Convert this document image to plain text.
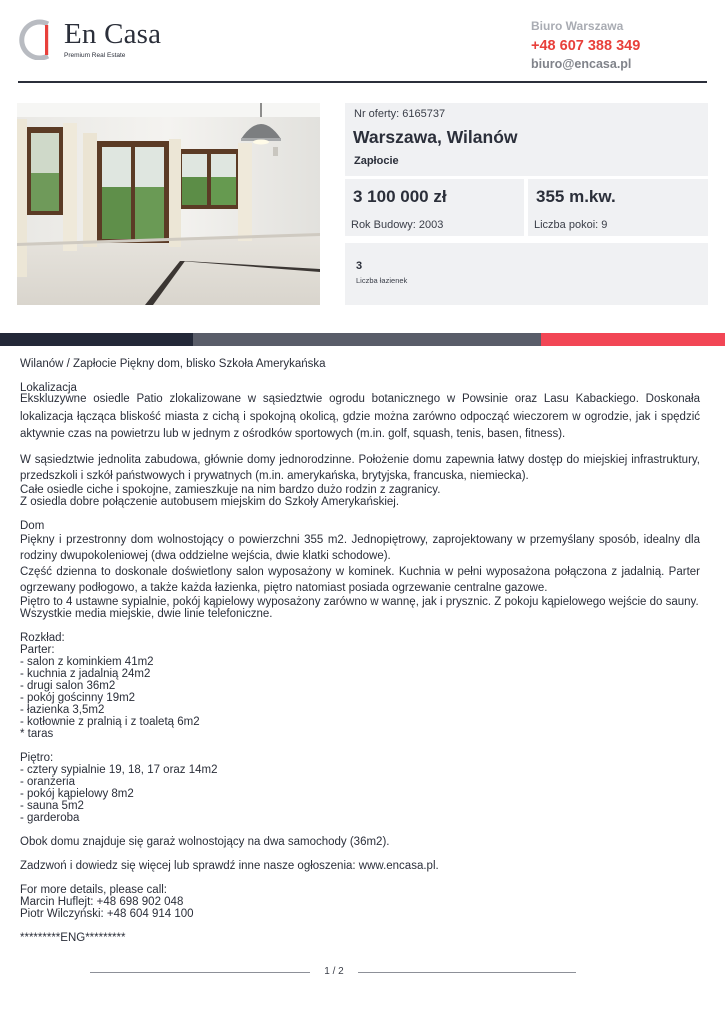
En Casa
Premium Real Estate
Biuro Warszawa
+48 607 388 349
biuro@encasa.pl
Nr oferty: 6165737
Warszawa, Wilanów
Zapłocie
3 100 000 zł
Rok Budowy: 2003
355 m.kw.
Liczba pokoi: 9
3
Liczba łazienek

Wilanów / Zapłocie Piękny dom, blisko Szkoła Amerykańska

Lokalizacja
Ekskluzywne osiedle Patio zlokalizowane w sąsiedztwie ogrodu botanicznego w Powsinie oraz Lasu Kabackiego. Doskonała lokalizacja łącząca bliskość miasta z cichą i spokojną okolicą, gdzie można zarówno odpocząć wieczorem w ogrodzie, jak i spędzić aktywnie czas na powietrzu lub w jednym z ośrodków sportowych (m.in. golf, squash, tenis, basen, fitness).
W sąsiedztwie jednolita zabudowa, głównie domy jednorodzinne. Położenie domu zapewnia łatwy dostęp do miejskiej infrastruktury, przedszkoli i szkół państwowych i prywatnych (m.in. amerykańska, brytyjska, francuska, niemiecka).
Całe osiedle ciche i spokojne, zamieszkuje na nim bardzo dużo rodzin z zagranicy.
Z osiedla dobre połączenie autobusem miejskim do Szkoły Amerykańskiej.
Dom
Piękny i przestronny dom wolnostojący o powierzchni 355 m2. Jednopiętrowy, zaprojektowany w przemyślany sposób, idealny dla rodziny dwupokoleniowej (dwa oddzielne wejścia, dwie klatki schodowe).
Część dzienna to doskonale doświetlony salon wyposażony w kominek. Kuchnia w pełni wyposażona połączona z jadalnią. Parter ogrzewany podłogowo, a także każda łazienka, piętro natomiast posiada ogrzewanie centralne gazowe.
Piętro to 4 ustawne sypialnie, pokój kąpielowy wyposażony zarówno w wannę, jak i prysznic. Z pokoju kąpielowego wejście do sauny.
Wszystkie media miejskie, dwie linie telefoniczne.
Rozkład:
Parter:
- salon z kominkiem 41m2
- kuchnia z jadalnią 24m2
- drugi salon 36m2
- pokój gościnny 19m2
- łazienka 3,5m2
- kotłownie z pralnią i z toaletą 6m2
* taras
Piętro:
- cztery sypialnie 19, 18, 17 oraz 14m2
- oranżeria
- pokój kąpielowy 8m2
- sauna 5m2
- garderoba
Obok domu znajduje się garaż wolnostojący na dwa samochody (36m2).
Zadzwoń i dowiedz się więcej lub sprawdź inne nasze ogłoszenia: www.encasa.pl.
For more details, please call:
Marcin Huflejt: +48 698 902 048
Piotr Wilczyński: +48 604 914 100
*********ENG*********
1 / 2
